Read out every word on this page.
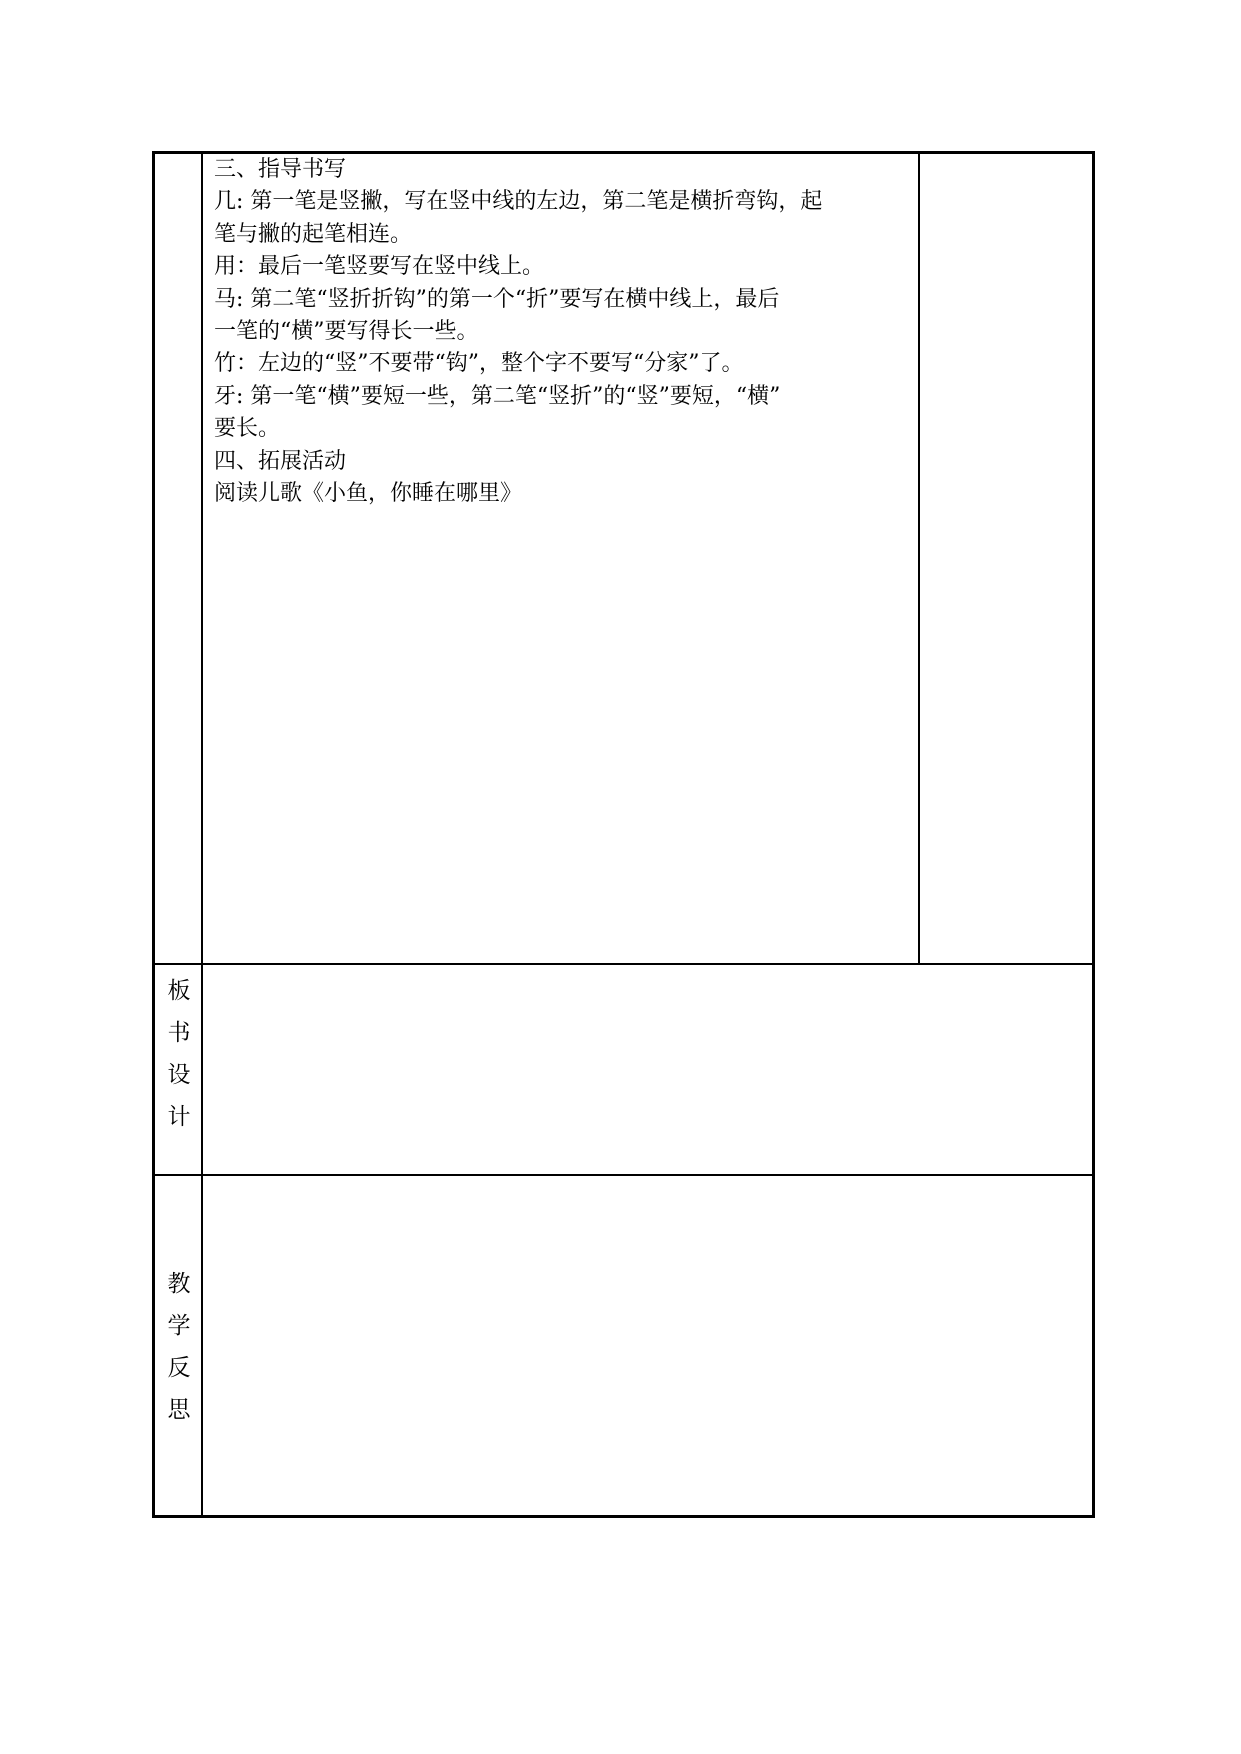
三、指导书写

几: 第一笔是竖撇，写在竖中线的左边，第二笔是横折弯钩，起

笔与撇的起笔相连。

用：最后一笔竖要写在竖中线上。

马: 第二笔“竖折折钩”的第一个“折”要写在横中线上，最后

一笔的“横”要写得长一些。

竹：左边的“竖”不要带“钩”，整个字不要写“分家”了。

牙: 第一笔“横”要短一些，第二笔“竖折”的“竖”要短，“横”

要长。

四、拓展活动

阅读儿歌《小鱼，你睡在哪里》

板
书
设
计
教
学
反
思
